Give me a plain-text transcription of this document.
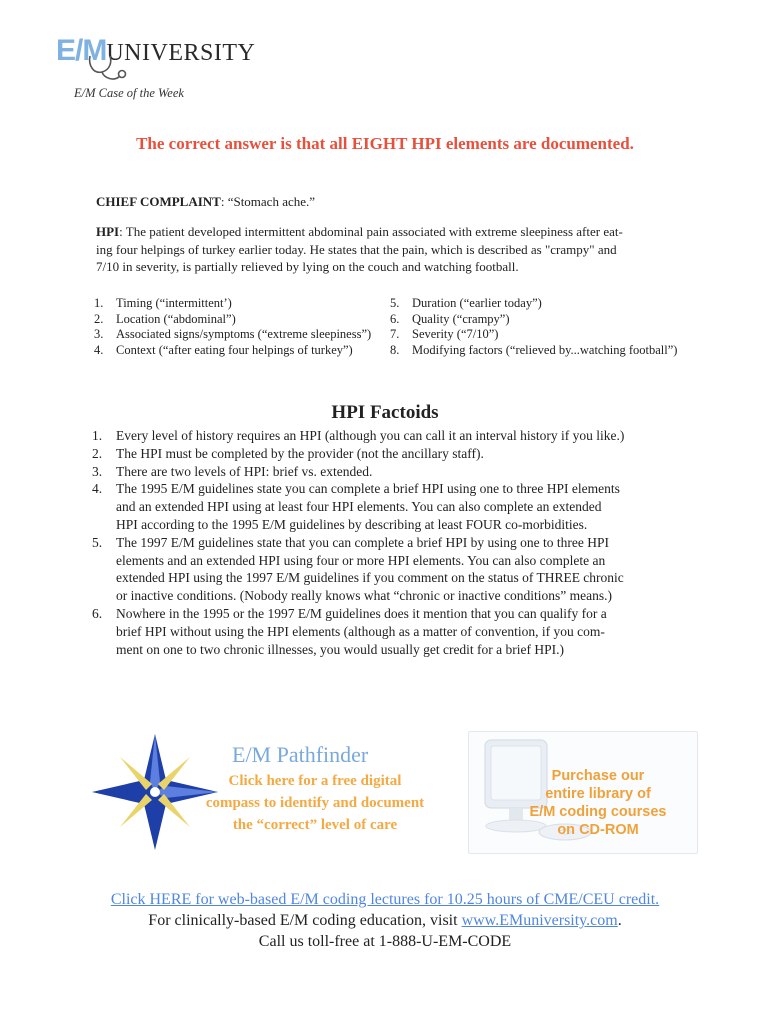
E/MUNIVERSITY
E/M Case of the Week
The correct answer is that all EIGHT HPI elements are documented.
CHIEF COMPLAINT: “Stomach ache.”
HPI: The patient developed intermittent abdominal pain associated with extreme sleepiness after eat-
ing four helpings of turkey earlier today. He states that the pain, which is described as "crampy" and
7/10 in severity, is partially relieved by lying on the couch and watching football.
1. Timing (“intermittent’)
2. Location (“abdominal”)
3. Associated signs/symptoms (“extreme sleepiness”)
4. Context (“after eating four helpings of turkey”)
5. Duration (“earlier today”)
6. Quality (“crampy”)
7. Severity (“7/10”)
8. Modifying factors (“relieved by...watching football”)
HPI Factoids
1. Every level of history requires an HPI (although you can call it an interval history if you like.)
2. The HPI must be completed by the provider (not the ancillary staff).
3. There are two levels of HPI: brief vs. extended.
4. The 1995 E/M guidelines state you can complete a brief HPI using one to three HPI elements
and an extended HPI using at least four HPI elements. You can also complete an extended
HPI according to the 1995 E/M guidelines by describing at least FOUR co-morbidities.
5. The 1997 E/M guidelines state that you can complete a brief HPI by using one to three HPI
elements and an extended HPI using four or more HPI elements. You can also complete an
extended HPI using the 1997 E/M guidelines if you comment on the status of THREE chronic
or inactive conditions. (Nobody really knows what “chronic or inactive conditions” means.)
6. Nowhere in the 1995 or the 1997 E/M guidelines does it mention that you can qualify for a
brief HPI without using the HPI elements (although as a matter of convention, if you com-
ment on one to two chronic illnesses, you would usually get credit for a brief HPI.)
E/M Pathfinder
Click here for a free digital
compass to identify and document
the “correct” level of care
Purchase our
entire library of
E/M coding courses
on CD-ROM
Click HERE for web-based E/M coding lectures for 10.25 hours of CME/CEU credit.
For clinically-based E/M coding education, visit www.EMuniversity.com.
Call us toll-free at 1-888-U-EM-CODE
